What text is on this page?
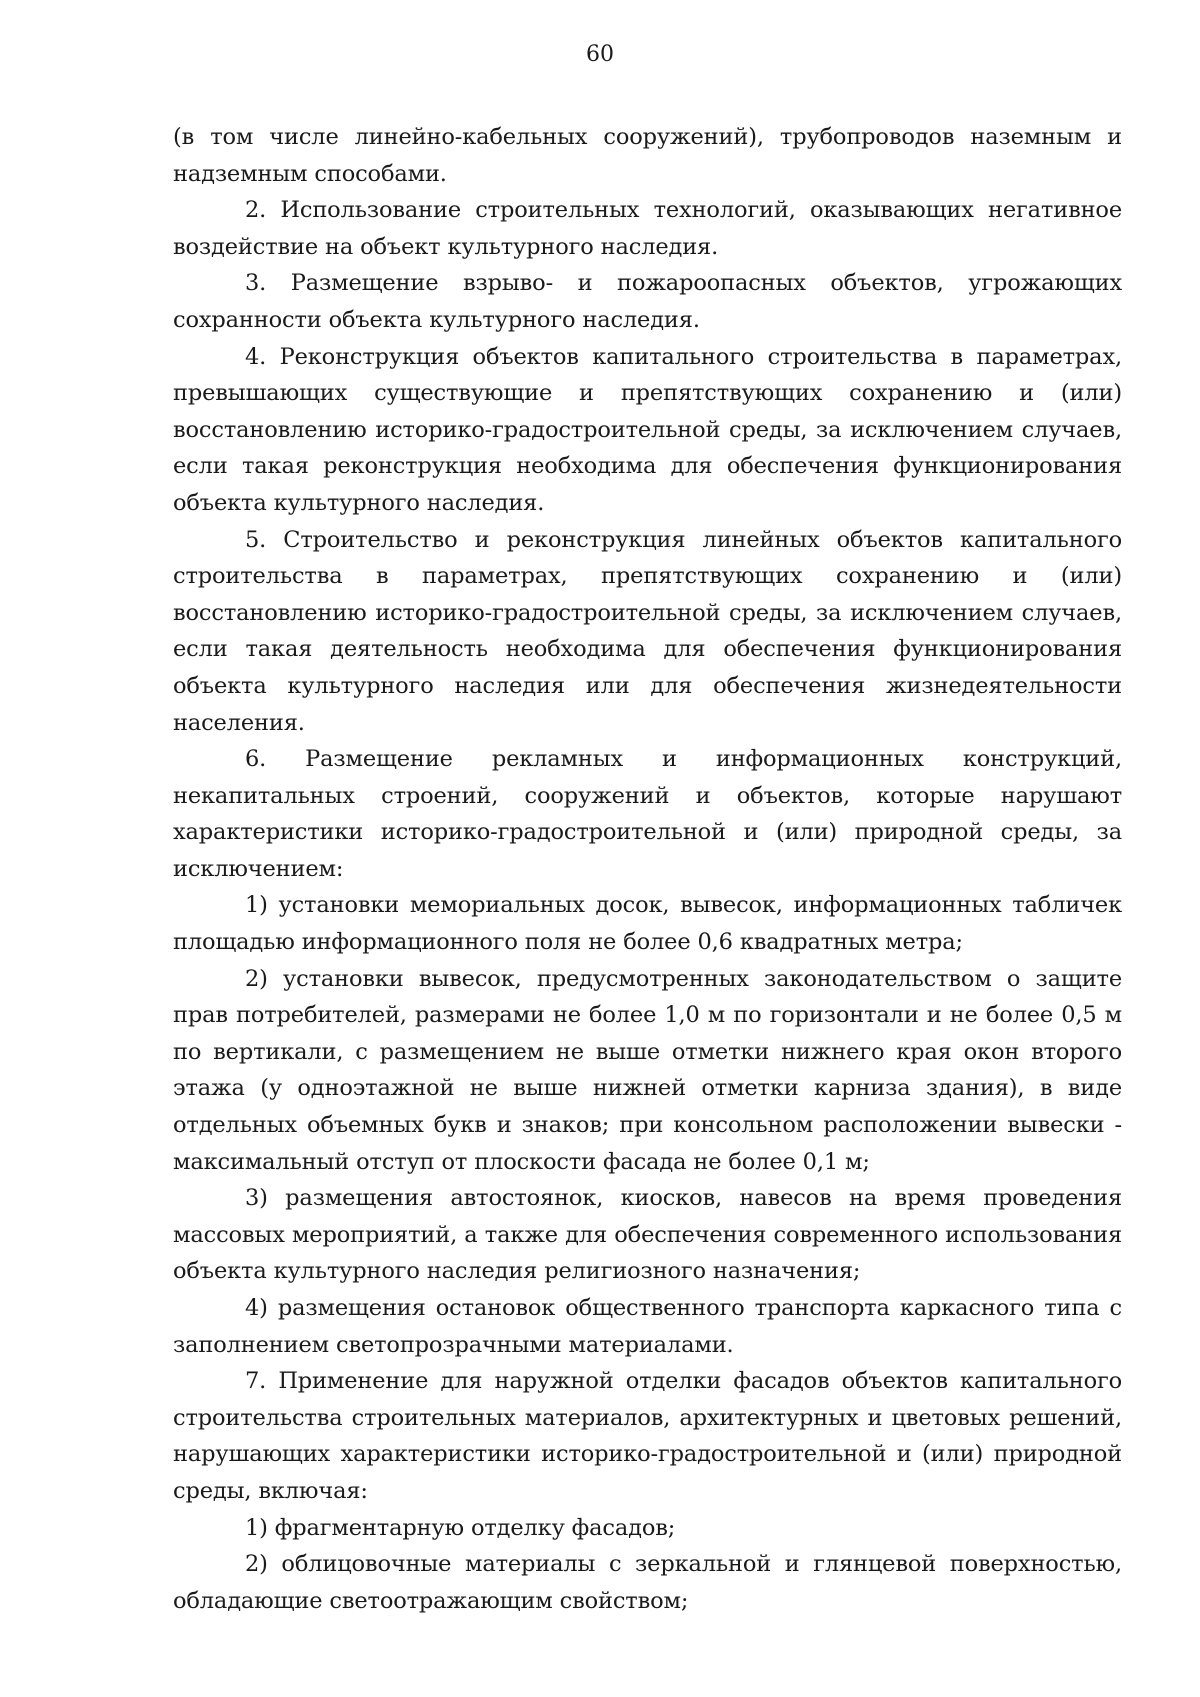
60

(в том числе линейно-кабельных сооружений), трубопроводов наземным и надземным способами.

2. Использование строительных технологий, оказывающих негативное воздействие на объект культурного наследия.

3. Размещение взрыво- и пожароопасных объектов, угрожающих сохранности объекта культурного наследия.

4. Реконструкция объектов капитального строительства в параметрах, превышающих существующие и препятствующих сохранению и (или) восстановлению историко-градостроительной среды, за исключением случаев, если такая реконструкция необходима для обеспечения функционирования объекта культурного наследия.

5. Строительство и реконструкция линейных объектов капитального строительства в параметрах, препятствующих сохранению и (или) восстановлению историко-градостроительной среды, за исключением случаев, если такая деятельность необходима для обеспечения функционирования объекта культурного наследия или для обеспечения жизнедеятельности населения.

6. Размещение рекламных и информационных конструкций, некапитальных строений, сооружений и объектов, которые нарушают характеристики историко-градостроительной и (или) природной среды, за исключением:

1) установки мемориальных досок, вывесок, информационных табличек площадью информационного поля не более 0,6 квадратных метра;

2) установки вывесок, предусмотренных законодательством о защите прав потребителей, размерами не более 1,0 м по горизонтали и не более 0,5 м по вертикали, с размещением не выше отметки нижнего края окон второго этажа (у одноэтажной не выше нижней отметки карниза здания), в виде отдельных объемных букв и знаков; при консольном расположении вывески - максимальный отступ от плоскости фасада не более 0,1 м;

3) размещения автостоянок, киосков, навесов на время проведения массовых мероприятий, а также для обеспечения современного использования объекта культурного наследия религиозного назначения;

4) размещения остановок общественного транспорта каркасного типа с заполнением светопрозрачными материалами.

7. Применение для наружной отделки фасадов объектов капитального строительства строительных материалов, архитектурных и цветовых решений, нарушающих характеристики историко-градостроительной и (или) природной среды, включая:

1) фрагментарную отделку фасадов;

2) облицовочные материалы с зеркальной и глянцевой поверхностью, обладающие светоотражающим свойством;
